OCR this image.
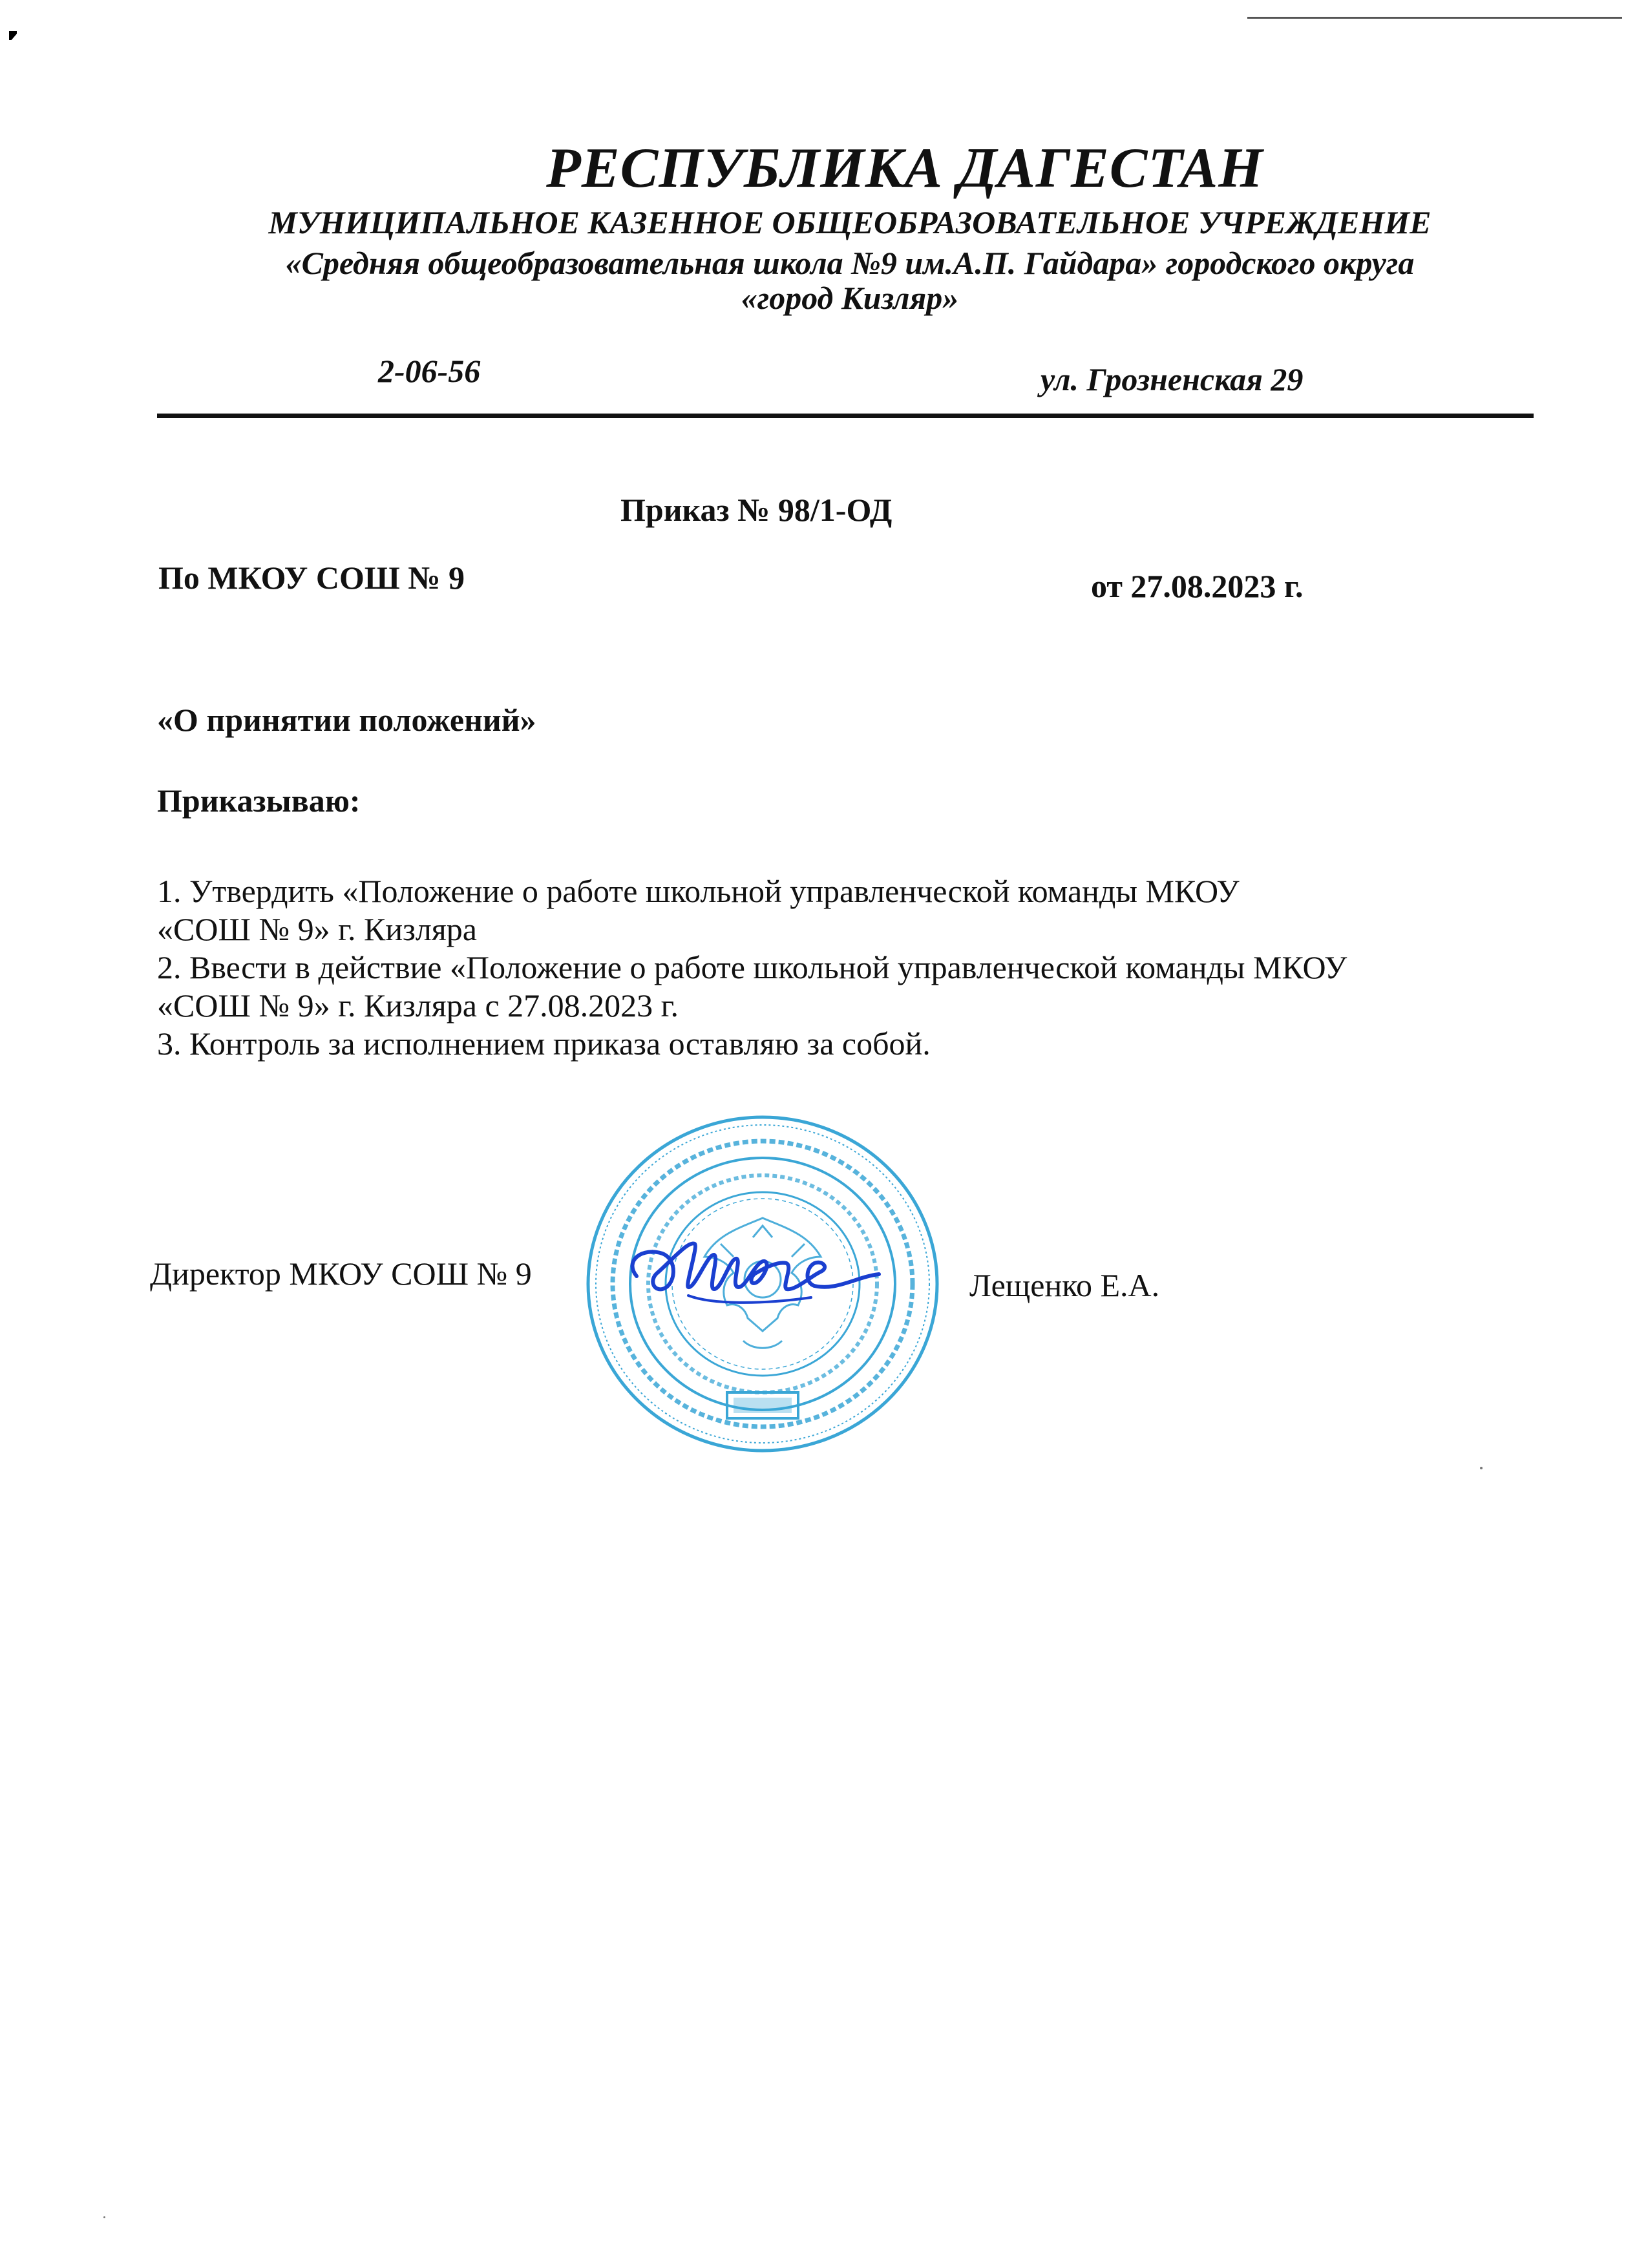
РЕСПУБЛИКА ДАГЕСТАН
МУНИЦИПАЛЬНОЕ КАЗЕННОЕ ОБЩЕОБРАЗОВАТЕЛЬНОЕ УЧРЕЖДЕНИЕ
«Средняя общеобразовательная школа №9 им.А.П. Гайдара» городского округа
«город Кизляр»
2-06-56	ул. Грозненская 29
Приказ № 98/1-ОД
По МКОУ СОШ № 9	от 27.08.2023 г.
«О принятии положений»
Приказываю:
1. Утвердить «Положение о работе школьной управленческой команды МКОУ
«СОШ № 9» г. Кизляра
2. Ввести в действие «Положение о работе школьной управленческой команды МКОУ
«СОШ № 9» г. Кизляра с 27.08.2023 г.
3. Контроль за исполнением приказа оставляю за собой.
Директор МКОУ СОШ № 9	Лещенко Е.А.
